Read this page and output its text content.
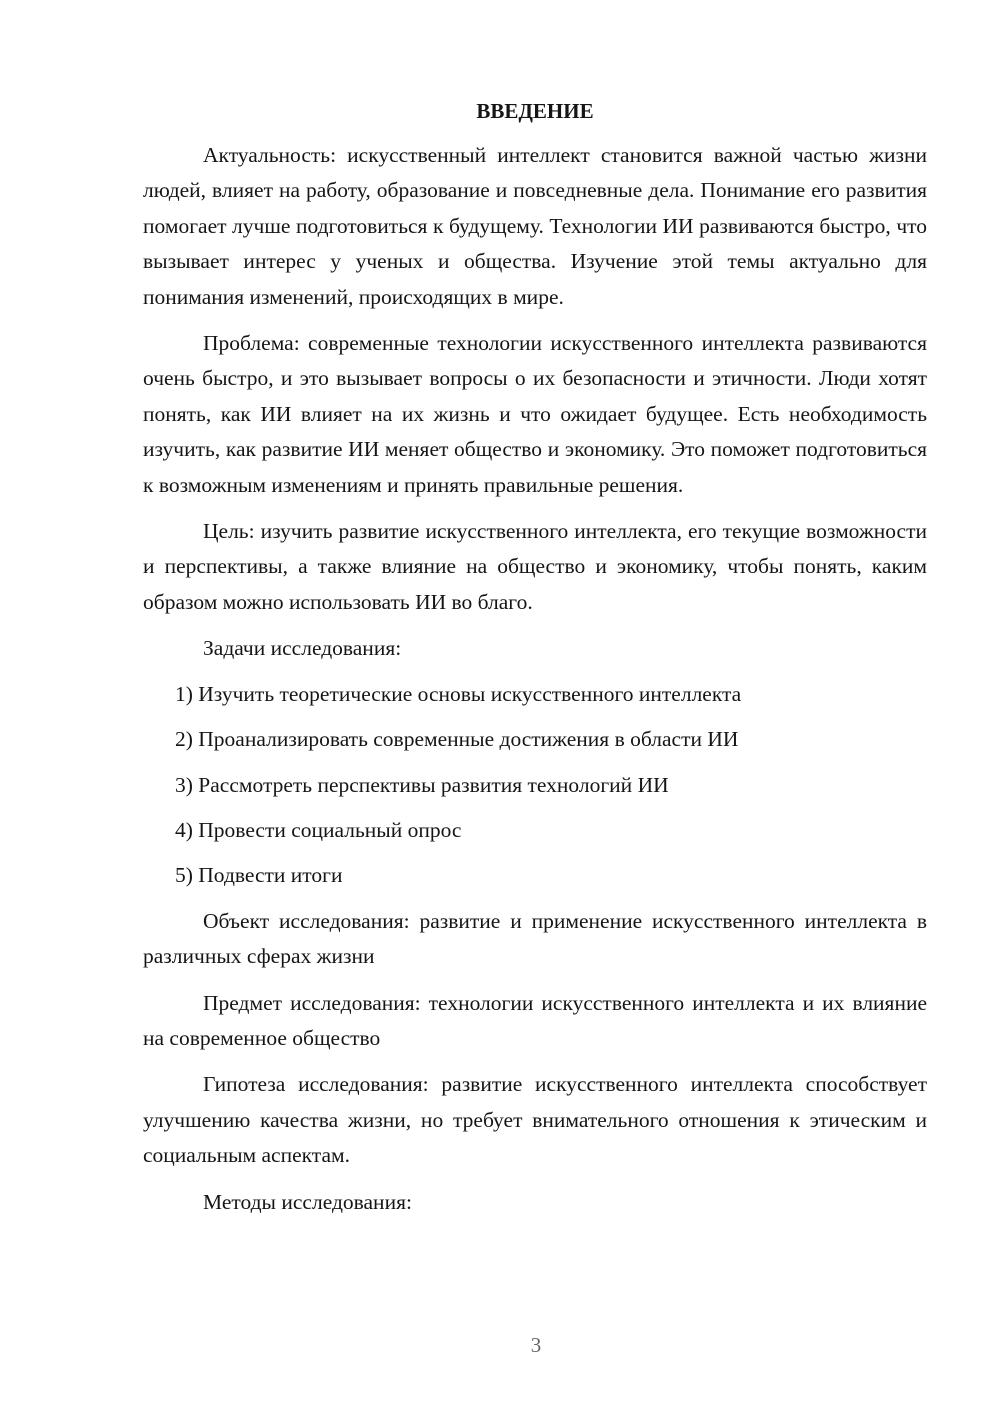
ВВЕДЕНИЕ

Актуальность: искусственный интеллект становится важной частью жизни людей, влияет на работу, образование и повседневные дела. Понимание его развития помогает лучше подготовиться к будущему. Технологии ИИ развиваются быстро, что вызывает интерес у ученых и общества. Изучение этой темы актуально для понимания изменений, происходящих в мире.

Проблема: современные технологии искусственного интеллекта развиваются очень быстро, и это вызывает вопросы о их безопасности и этичности. Люди хотят понять, как ИИ влияет на их жизнь и что ожидает будущее. Есть необходимость изучить, как развитие ИИ меняет общество и экономику. Это поможет подготовиться к возможным изменениям и принять правильные решения.

Цель: изучить развитие искусственного интеллекта, его текущие возможности и перспективы, а также влияние на общество и экономику, чтобы понять, каким образом можно использовать ИИ во благо.

Задачи исследования:

1) Изучить теоретические основы искусственного интеллекта
2) Проанализировать современные достижения в области ИИ
3) Рассмотреть перспективы развития технологий ИИ
4) Провести социальный опрос
5) Подвести итоги

Объект исследования: развитие и применение искусственного интеллекта в различных сферах жизни

Предмет исследования: технологии искусственного интеллекта и их влияние на современное общество

Гипотеза исследования: развитие искусственного интеллекта способствует улучшению качества жизни, но требует внимательного отношения к этическим и социальным аспектам.

Методы исследования:

3
